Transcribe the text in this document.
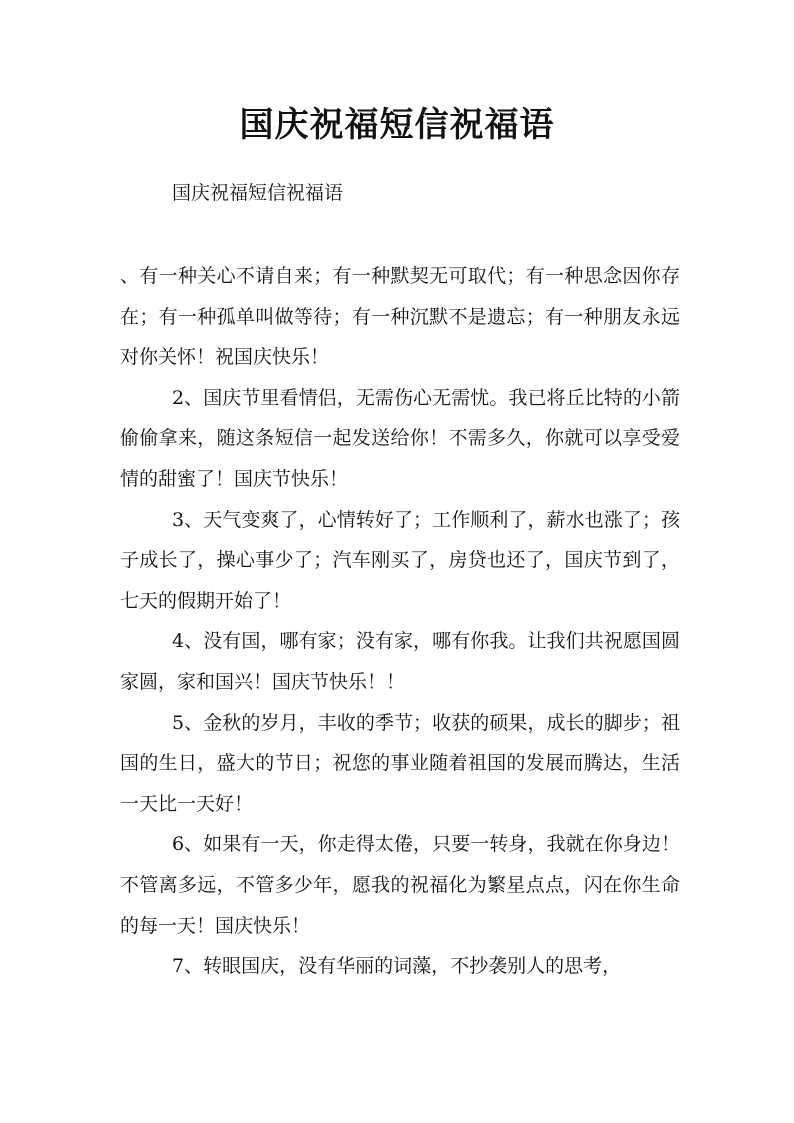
国庆祝福短信祝福语
国庆祝福短信祝福语

、有一种关心不请自来；有一种默契无可取代；有一种思念因你存在；有一种孤单叫做等待；有一种沉默不是遗忘；有一种朋友永远对你关怀！祝国庆快乐！

2、国庆节里看情侣，无需伤心无需忧。我已将丘比特的小箭偷偷拿来，随这条短信一起发送给你！不需多久，你就可以享受爱情的甜蜜了！国庆节快乐！

3、天气变爽了，心情转好了；工作顺利了，薪水也涨了；孩子成长了，操心事少了；汽车刚买了，房贷也还了，国庆节到了，七天的假期开始了！

4、没有国，哪有家；没有家，哪有你我。让我们共祝愿国圆家圆，家和国兴！国庆节快乐！！

5、金秋的岁月，丰收的季节；收获的硕果，成长的脚步；祖国的生日，盛大的节日；祝您的事业随着祖国的发展而腾达，生活一天比一天好！

6、如果有一天，你走得太倦，只要一转身，我就在你身边！不管离多远，不管多少年，愿我的祝福化为繁星点点，闪在你生命的每一天！国庆快乐！

7、转眼国庆，没有华丽的词藻，不抄袭别人的思考，
